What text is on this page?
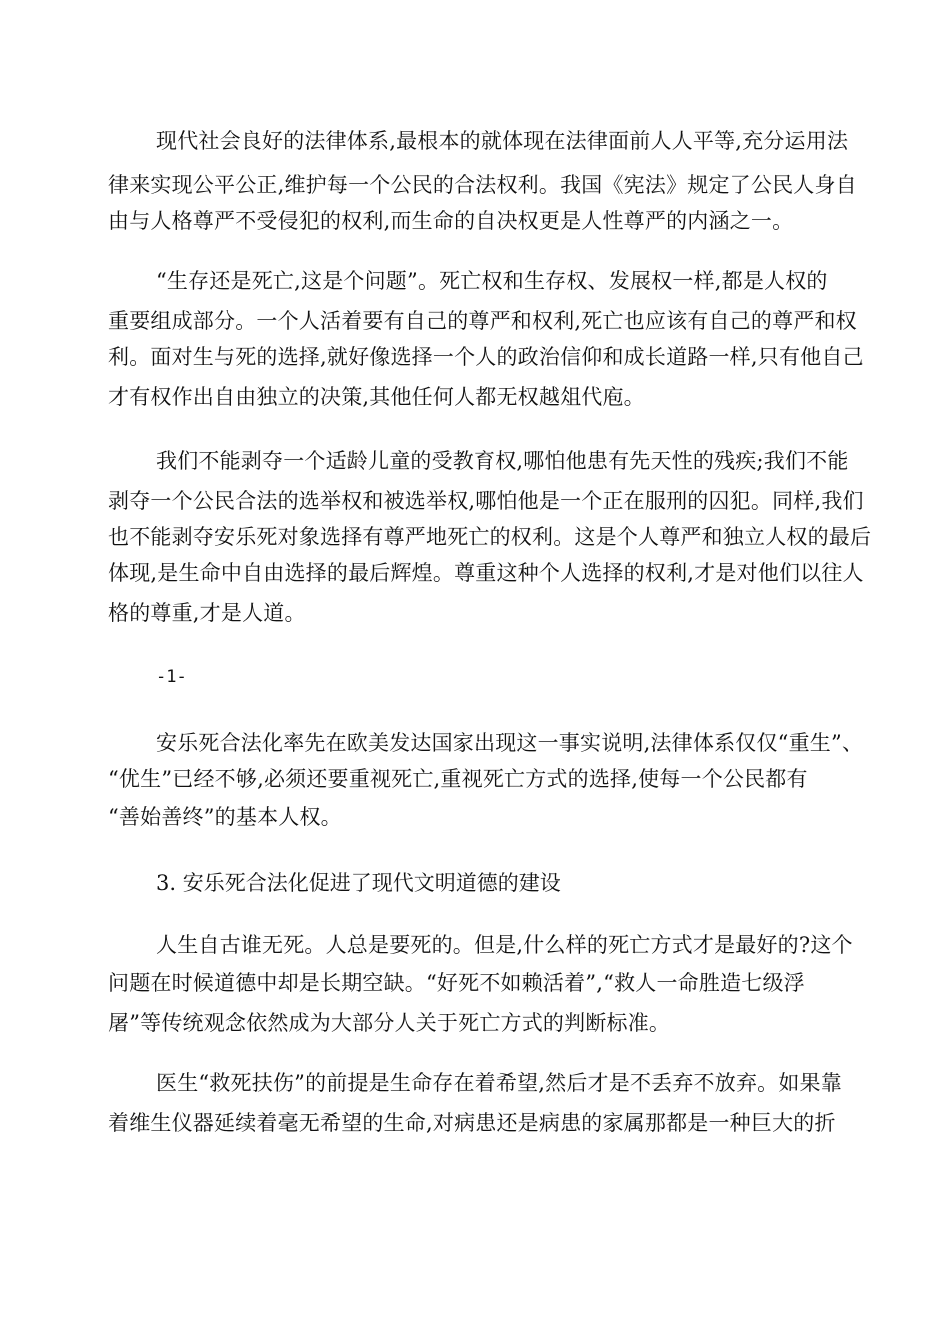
现代社会良好的法律体系,最根本的就体现在法律面前人人平等,充分运用法
律来实现公平公正,维护每一个公民的合法权利。我国《宪法》规定了公民人身自
由与人格尊严不受侵犯的权利,而生命的自决权更是人性尊严的内涵之一。
“生存还是死亡,这是个问题”。死亡权和生存权、发展权一样,都是人权的
重要组成部分。一个人活着要有自己的尊严和权利,死亡也应该有自己的尊严和权
利。面对生与死的选择,就好像选择一个人的政治信仰和成长道路一样,只有他自己
才有权作出自由独立的决策,其他任何人都无权越俎代庖。
我们不能剥夺一个适龄儿童的受教育权,哪怕他患有先天性的残疾;我们不能
剥夺一个公民合法的选举权和被选举权,哪怕他是一个正在服刑的囚犯。同样,我们
也不能剥夺安乐死对象选择有尊严地死亡的权利。这是个人尊严和独立人权的最后
体现,是生命中自由选择的最后辉煌。尊重这种个人选择的权利,才是对他们以往人
格的尊重,才是人道。
-1-
安乐死合法化率先在欧美发达国家出现这一事实说明,法律体系仅仅“重生”、
“优生”已经不够,必须还要重视死亡,重视死亡方式的选择,使每一个公民都有
“善始善终”的基本人权。
3. 安乐死合法化促进了现代文明道德的建设
人生自古谁无死。人总是要死的。但是,什么样的死亡方式才是最好的?这个
问题在时候道德中却是长期空缺。“好死不如赖活着”,“救人一命胜造七级浮
屠”等传统观念依然成为大部分人关于死亡方式的判断标准。
医生“救死扶伤”的前提是生命存在着希望,然后才是不丢弃不放弃。如果靠
着维生仪器延续着毫无希望的生命,对病患还是病患的家属那都是一种巨大的折
